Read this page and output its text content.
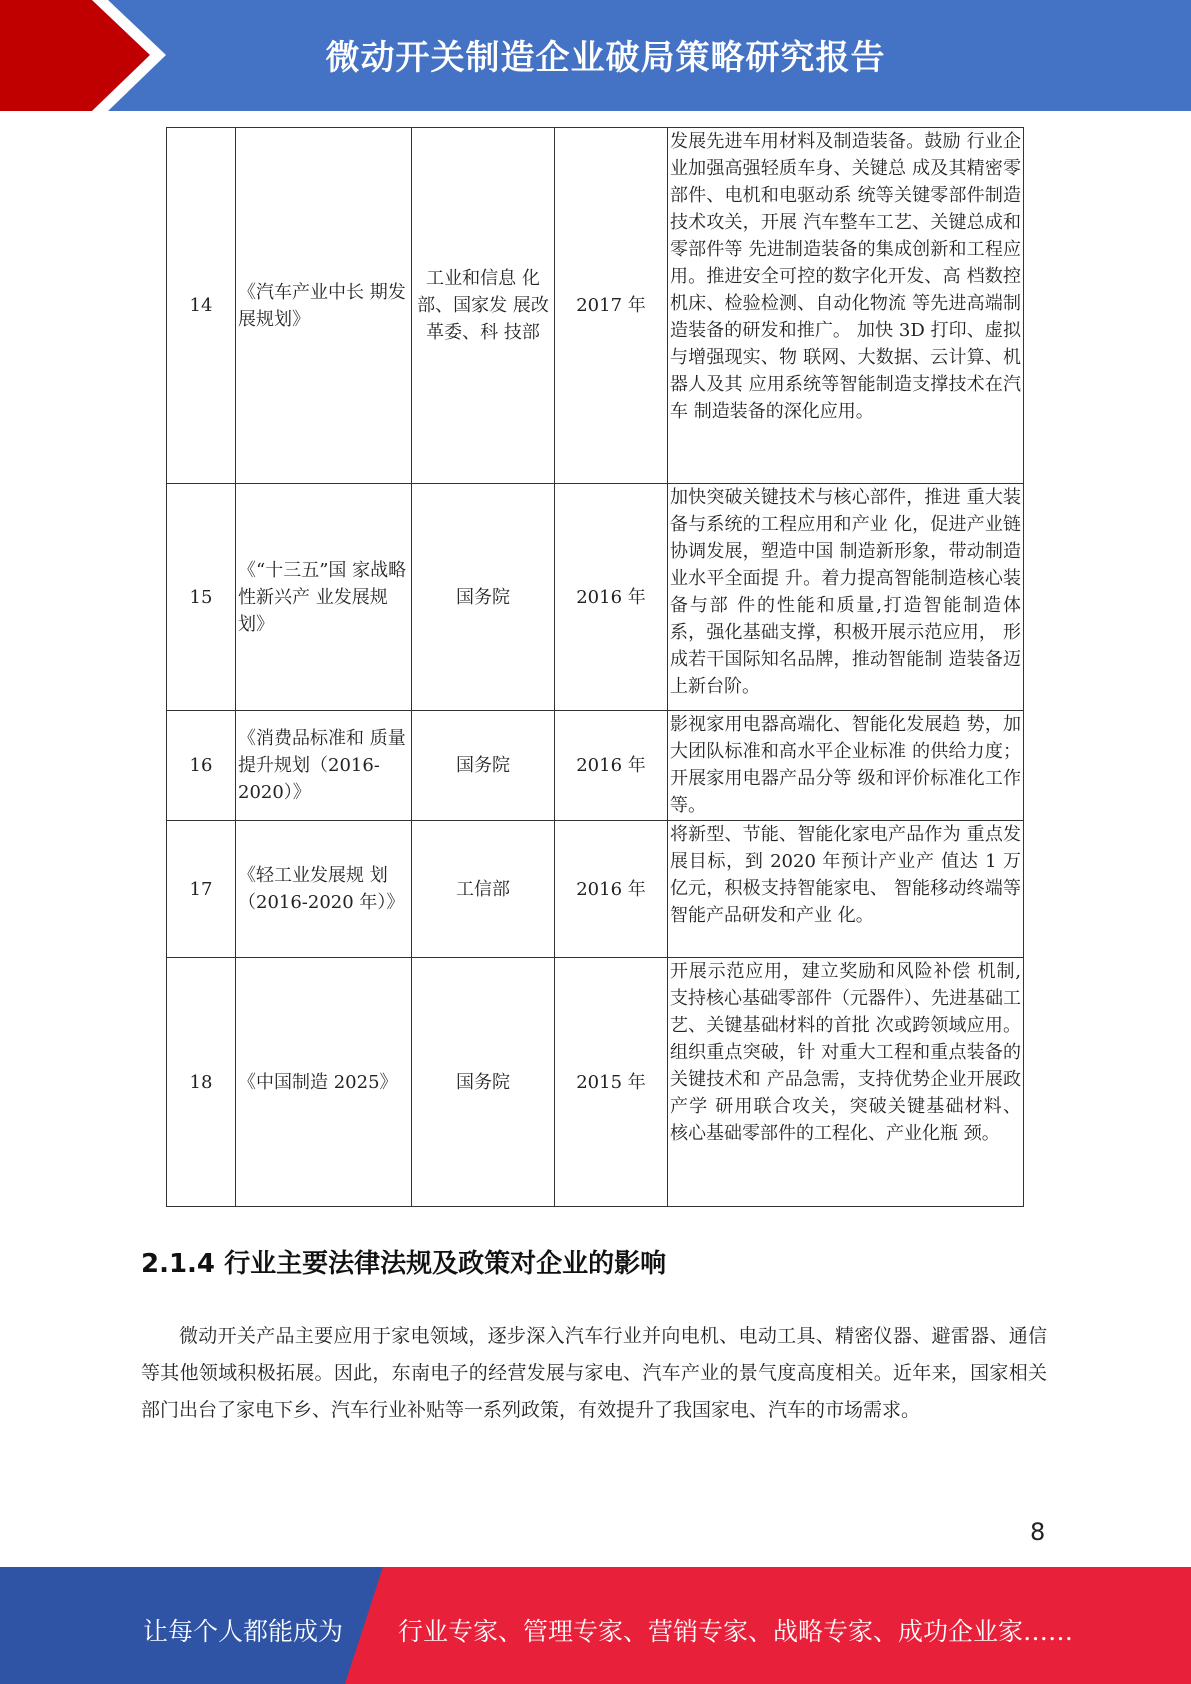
微动开关制造企业破局策略研究报告
14	《汽车产业中长 期发展规划》	工业和信息 化部、国家发 展改革委、科 技部	2017 年	发展先进车用材料及制造装备。鼓励 行业企业加强高强轻质车身、关键总 成及其精密零部件、电机和电驱动系 统等关键零部件制造技术攻关，开展 汽车整车工艺、关键总成和零部件等 先进制造装备的集成创新和工程应 用。推进安全可控的数字化开发、高 档数控机床、检验检测、自动化物流 等先进高端制造装备的研发和推广。 加快 3D 打印、虚拟与增强现实、物 联网、大数据、云计算、机器人及其 应用系统等智能制造支撑技术在汽车 制造装备的深化应用。
15	《“十三五”国 家战略性新兴产 业发展规划》	国务院	2016 年	加快突破关键技术与核心部件，推进 重大装备与系统的工程应用和产业 化，促进产业链协调发展，塑造中国 制造新形象，带动制造业水平全面提 升。着力提高智能制造核心装备与部 件的性能和质量,打造智能制造体系，强化基础支撑，积极开展示范应用， 形成若干国际知名品牌，推动智能制 造装备迈上新台阶。
16	《消费品标准和 质量提升规划（2016-2020）》	国务院	2016 年	影视家用电器高端化、智能化发展趋 势，加大团队标准和高水平企业标准 的供给力度；开展家用电器产品分等 级和评价标准化工作等。
17	《轻工业发展规 划（2016-2020 年）》	工信部	2016 年	将新型、节能、智能化家电产品作为 重点发展目标，到 2020 年预计产业产 值达 1 万亿元，积极支持智能家电、 智能移动终端等智能产品研发和产业 化。
18	《中国制造 2025》	国务院	2015 年	开展示范应用，建立奖励和风险补偿 机制,支持核心基础零部件（元器件）、先进基础工艺、关键基础材料的首批 次或跨领域应用。组织重点突破，针 对重大工程和重点装备的关键技术和 产品急需，支持优势企业开展政产学 研用联合攻关，突破关键基础材料、 核心基础零部件的工程化、产业化瓶 颈。
2.1.4 行业主要法律法规及政策对企业的影响
微动开关产品主要应用于家电领域，逐步深入汽车行业并向电机、电动工具、精密仪器、避雷器、通信等其他领域积极拓展。因此，东南电子的经营发展与家电、汽车产业的景气度高度相关。近年来，国家相关部门出台了家电下乡、汽车行业补贴等一系列政策，有效提升了我国家电、汽车的市场需求。
8
让每个人都能成为 行业专家、管理专家、营销专家、战略专家、成功企业家……
